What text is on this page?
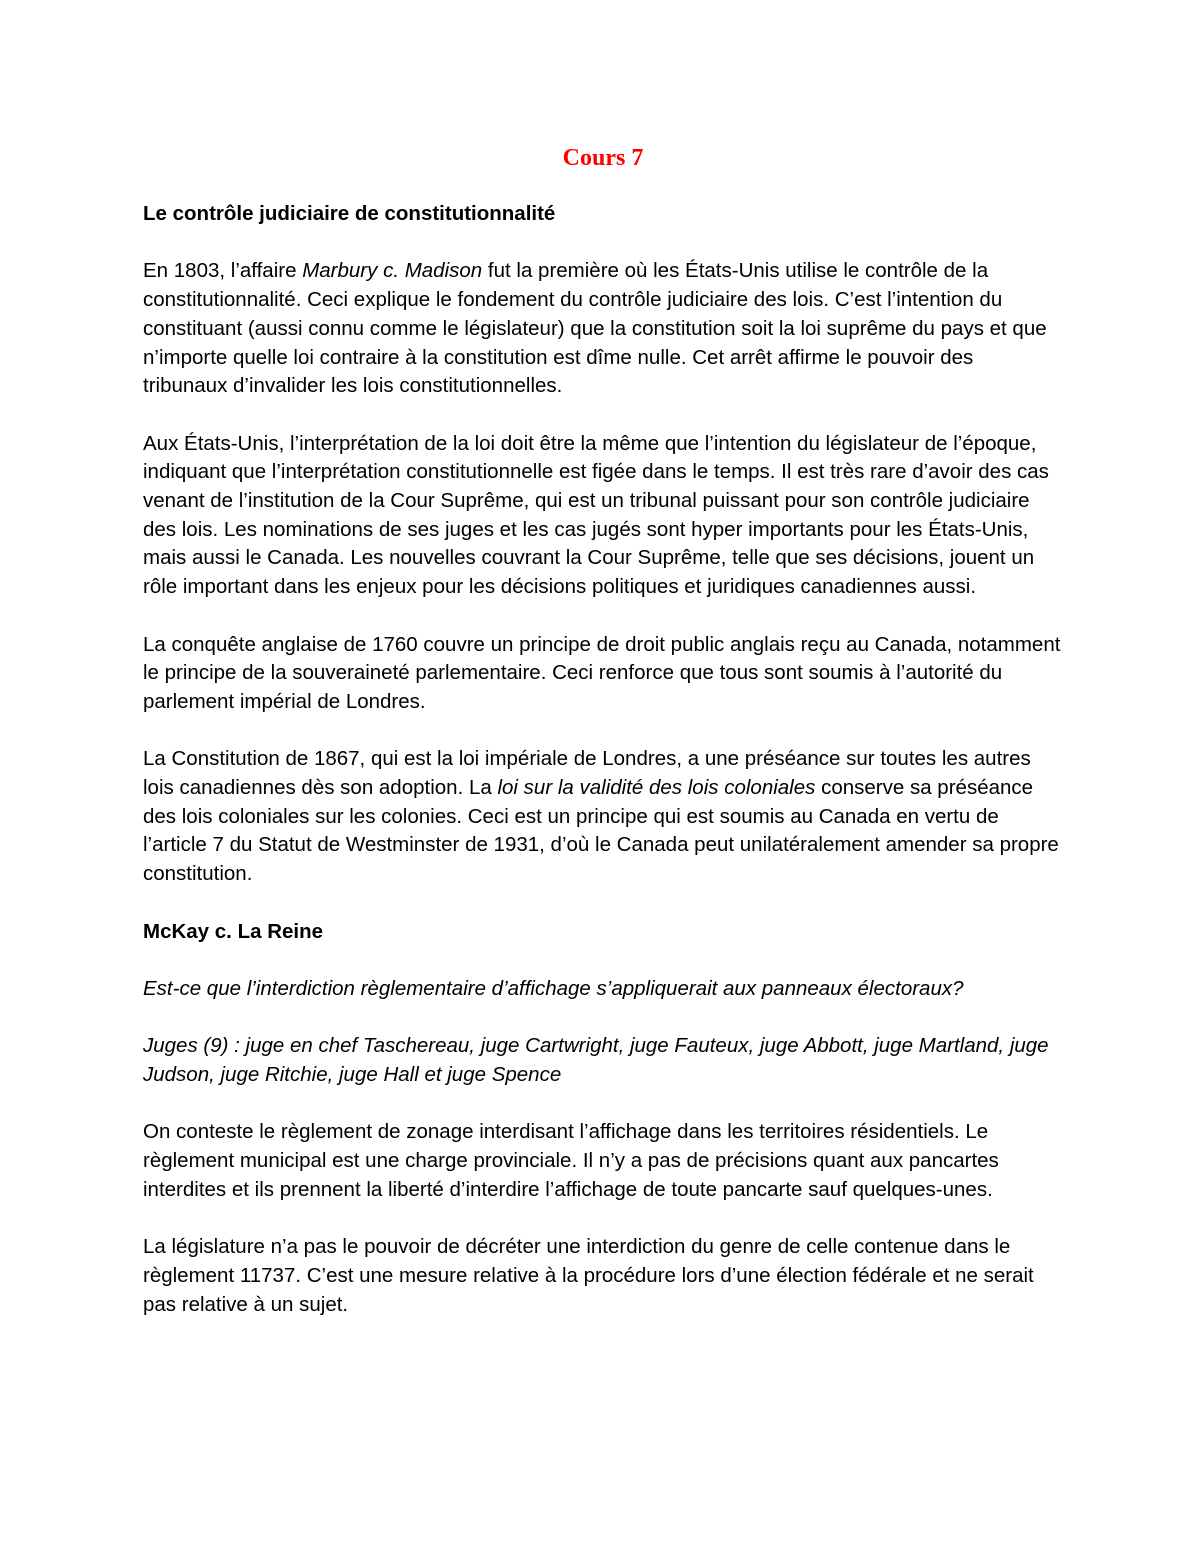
Cours 7
Le contrôle judiciaire de constitutionnalité

En 1803, l’affaire Marbury c. Madison fut la première où les États-Unis utilise le contrôle de la constitutionnalité. Ceci explique le fondement du contrôle judiciaire des lois. C’est l’intention du constituant (aussi connu comme le législateur) que la constitution soit la loi suprême du pays et que n’importe quelle loi contraire à la constitution est dîme nulle. Cet arrêt affirme le pouvoir des tribunaux d’invalider les lois constitutionnelles.

Aux États-Unis, l’interprétation de la loi doit être la même que l’intention du législateur de l’époque, indiquant que l’interprétation constitutionnelle est figée dans le temps. Il est très rare d’avoir des cas venant de l’institution de la Cour Suprême, qui est un tribunal puissant pour son contrôle judiciaire des lois. Les nominations de ses juges et les cas jugés sont hyper importants pour les États-Unis, mais aussi le Canada. Les nouvelles couvrant la Cour Suprême, telle que ses décisions, jouent un rôle important dans les enjeux pour les décisions politiques et juridiques canadiennes aussi.

La conquête anglaise de 1760 couvre un principe de droit public anglais reçu au Canada, notamment le principe de la souveraineté parlementaire. Ceci renforce que tous sont soumis à l’autorité du parlement impérial de Londres.

La Constitution de 1867, qui est la loi impériale de Londres, a une préséance sur toutes les autres lois canadiennes dès son adoption. La loi sur la validité des lois coloniales conserve sa préséance des lois coloniales sur les colonies. Ceci est un principe qui est soumis au Canada en vertu de l’article 7 du Statut de Westminster de 1931, d’où le Canada peut unilatéralement amender sa propre constitution.

McKay c. La Reine

Est-ce que l’interdiction règlementaire d’affichage s’appliquerait aux panneaux électoraux?

Juges (9) : juge en chef Taschereau, juge Cartwright, juge Fauteux, juge Abbott, juge Martland, juge Judson, juge Ritchie, juge Hall et juge Spence

On conteste le règlement de zonage interdisant l’affichage dans les territoires résidentiels. Le règlement municipal est une charge provinciale. Il n’y a pas de précisions quant aux pancartes interdites et ils prennent la liberté d’interdire l’affichage de toute pancarte sauf quelques-unes.

La législature n’a pas le pouvoir de décréter une interdiction du genre de celle contenue dans le règlement 11737. C’est une mesure relative à la procédure lors d’une élection fédérale et ne serait pas relative à un sujet.
